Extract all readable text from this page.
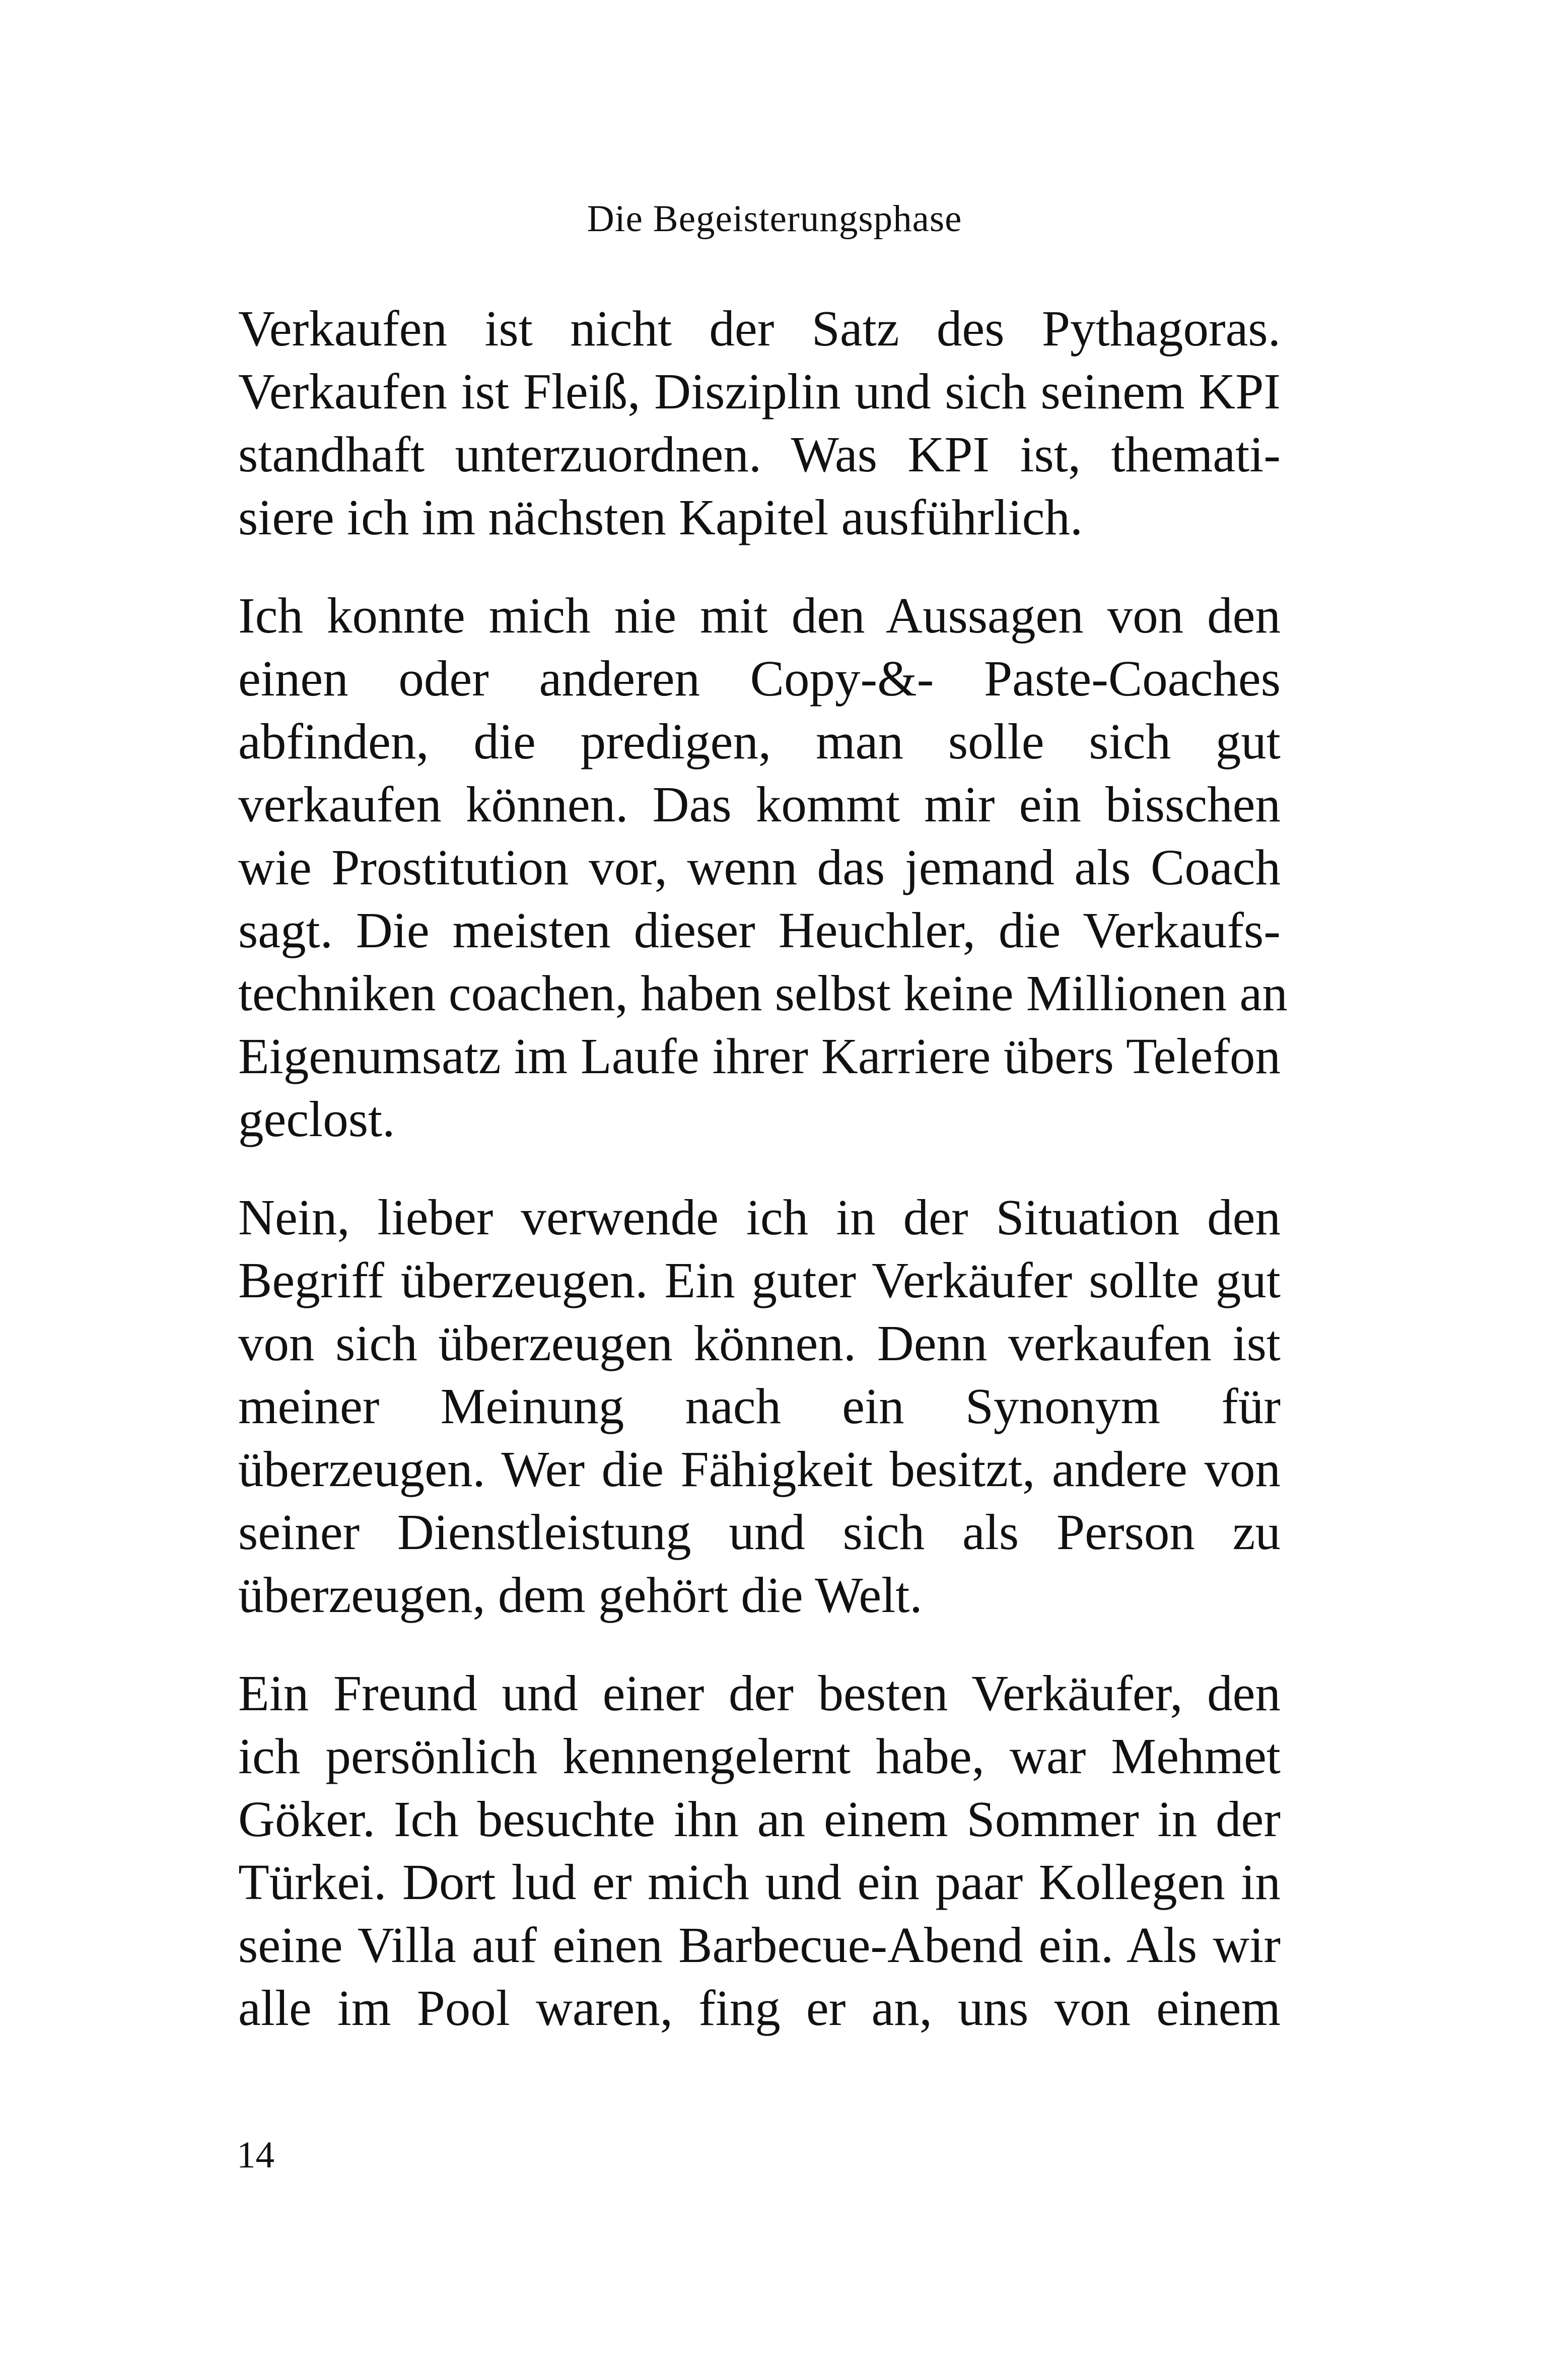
Die Begeisterungsphase
Verkaufen ist nicht der Satz des Pythagoras.
Verkaufen ist Fleiß, Disziplin und sich seinem KPI
standhaft unterzuordnen. Was KPI ist, themati-
siere ich im nächsten Kapitel ausführlich.
Ich konnte mich nie mit den Aussagen von den
einen oder anderen Copy-&- Paste-Coaches
abfinden, die predigen, man solle sich gut
verkaufen können. Das kommt mir ein bisschen
wie Prostitution vor, wenn das jemand als Coach
sagt. Die meisten dieser Heuchler, die Verkaufs-
techniken coachen, haben selbst keine Millionen an
Eigenumsatz im Laufe ihrer Karriere übers Telefon
geclost.
Nein, lieber verwende ich in der Situation den
Begriff überzeugen. Ein guter Verkäufer sollte gut
von sich überzeugen können. Denn verkaufen ist
meiner Meinung nach ein Synonym für
überzeugen. Wer die Fähigkeit besitzt, andere von
seiner Dienstleistung und sich als Person zu
überzeugen, dem gehört die Welt.
Ein Freund und einer der besten Verkäufer, den
ich persönlich kennengelernt habe, war Mehmet
Göker. Ich besuchte ihn an einem Sommer in der
Türkei. Dort lud er mich und ein paar Kollegen in
seine Villa auf einen Barbecue-Abend ein. Als wir
alle im Pool waren, fing er an, uns von einem
14
